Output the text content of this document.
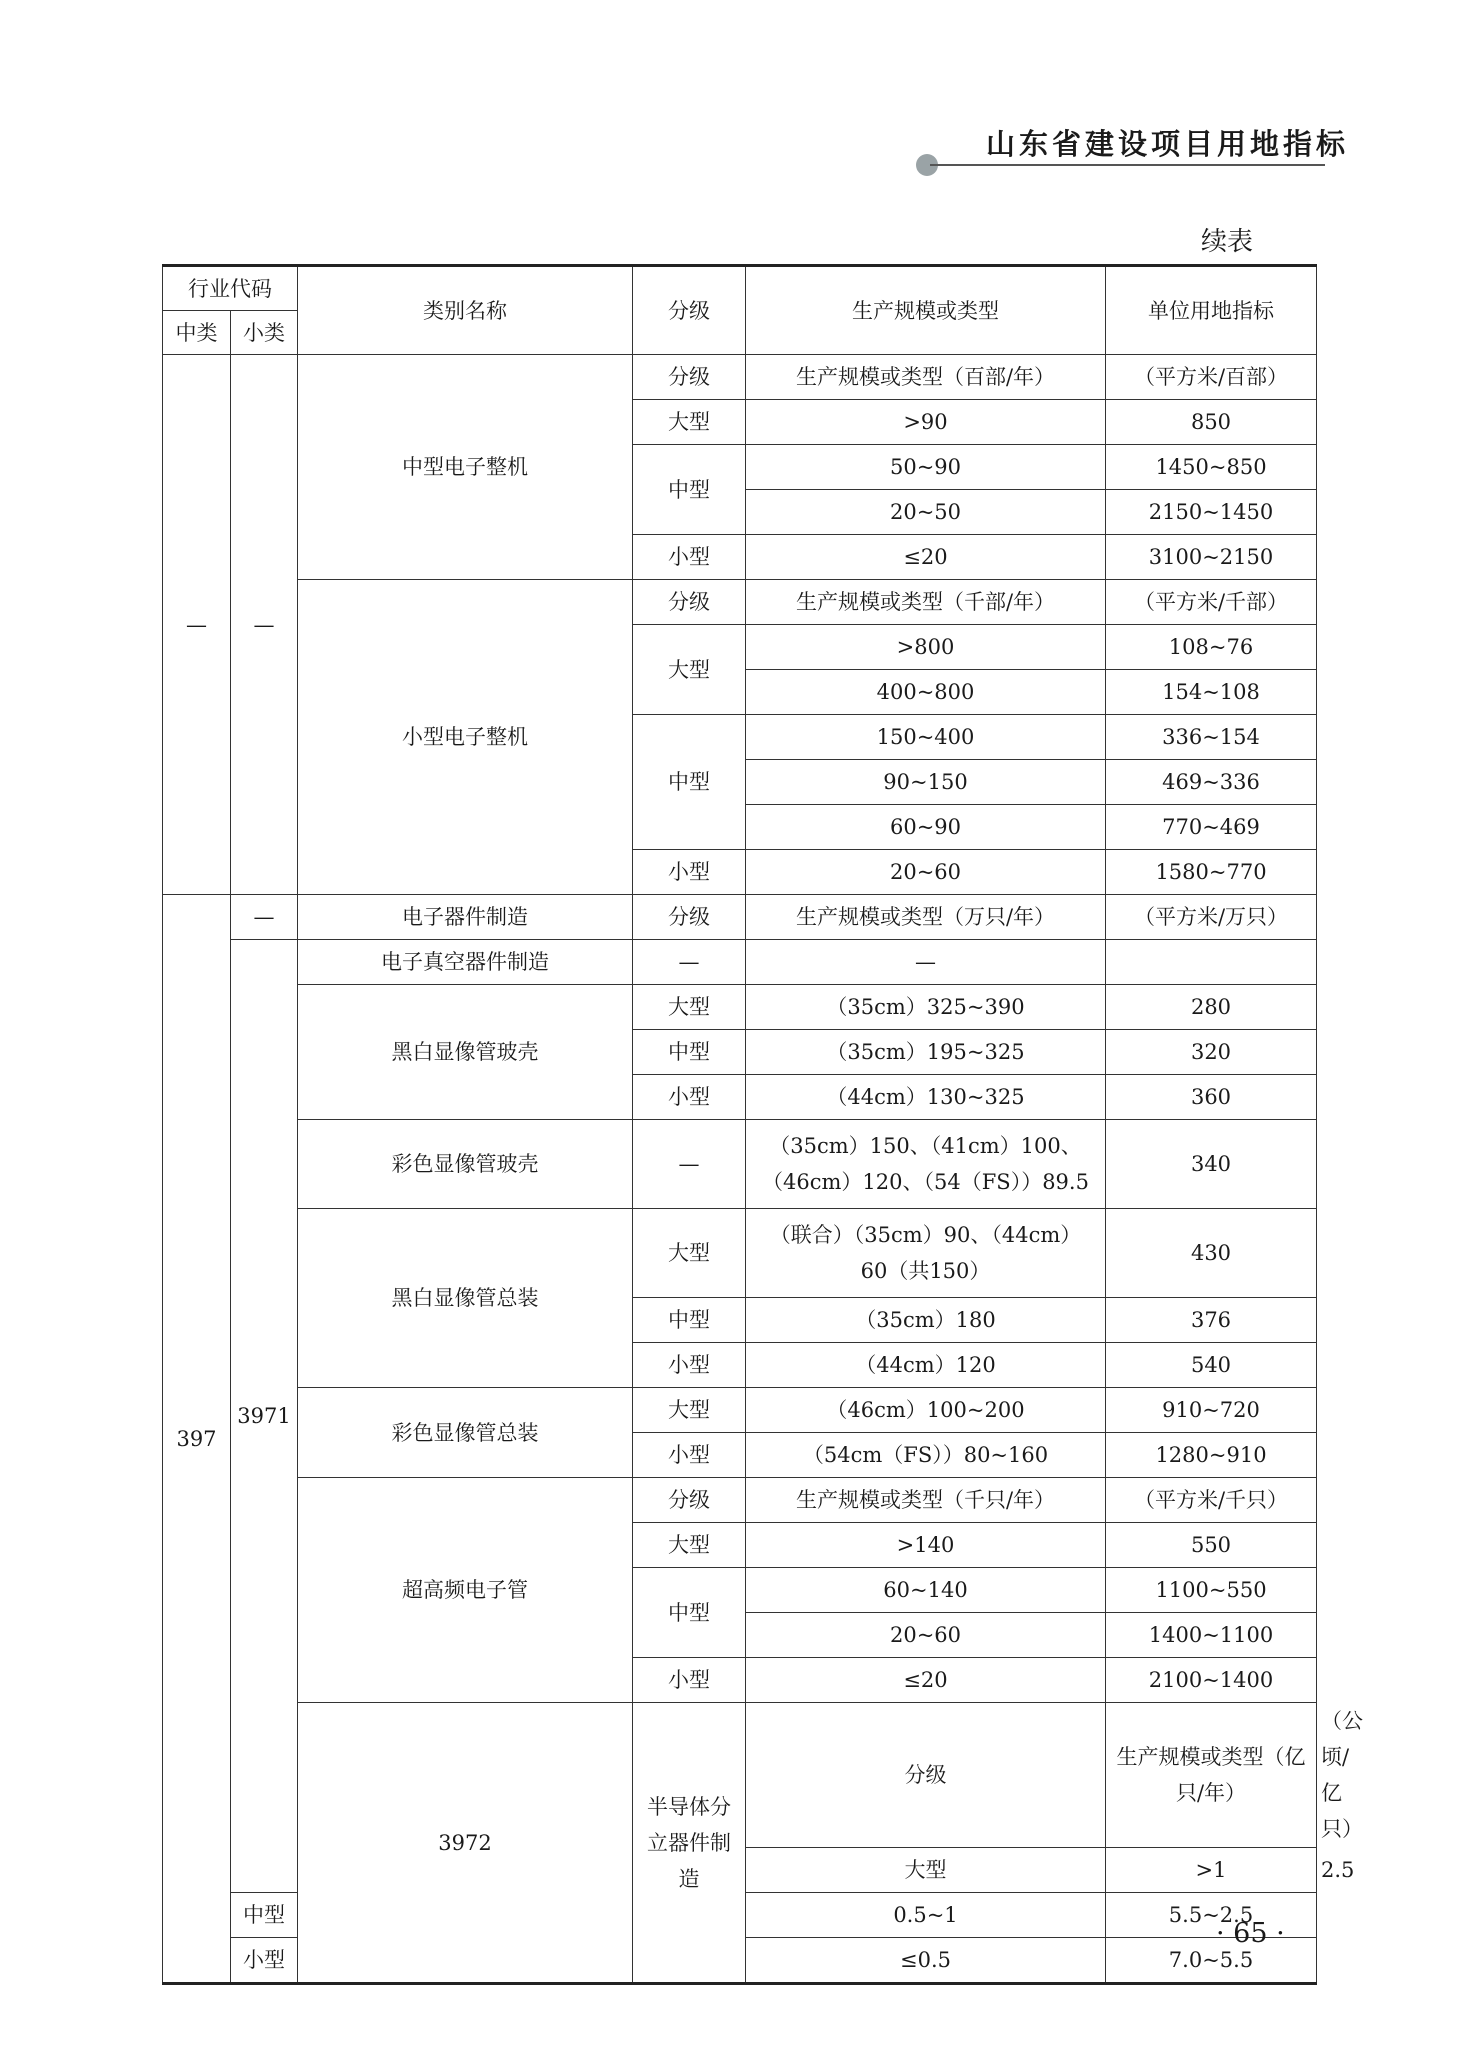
山东省建设项目用地指标
续表
行业代码		类别名称	分级	生产规模或类型	单位用地指标	
中类	小类					
—	—	中型电子整机	分级	生产规模或类型（百部/年）	（平方米/百部）	
			大型	>90	850	
			中型	50~90	1450~850	
				20~50	2150~1450	
			小型	≤20	3100~2150	
		小型电子整机	分级	生产规模或类型（千部/年）	（平方米/千部）	
			大型	>800	108~76	
				400~800	154~108	
			中型	150~400	336~154	
				90~150	469~336	
				60~90	770~469	
			小型	20~60	1580~770	
397	—	电子器件制造	分级	生产规模或类型（万只/年）	（平方米/万只）	
	3971	电子真空器件制造	—	—		
		黑白显像管玻壳	大型	（35cm）325~390	280	
			中型	（35cm）195~325	320	
			小型	（44cm）130~325	360	
		彩色显像管玻壳	—	（35cm）150、（41cm）100、
（46cm）120、（54（FS））89.5	340	
		黑白显像管总装	大型	（联合）（35cm）90、（44cm）
60（共150）	430	
			中型	（35cm）180	376	
			小型	（44cm）120	540	
		彩色显像管总装	大型	（46cm）100~200	910~720	
			小型	（54cm（FS））80~160	1280~910	
		超高频电子管	分级	生产规模或类型（千只/年）	（平方米/千只）	
			大型	>140	550	
			中型	60~140	1100~550	
				20~60	1400~1100	
			小型	≤20	2100~1400	
		3972	半导体分立器件制造	分级	生产规模或类型（亿只/年）	（公顷/亿只）
				大型	>1	2.5
	中型			0.5~1	5.5~2.5	
	小型			≤0.5	7.0~5.5	
· 65 ·
